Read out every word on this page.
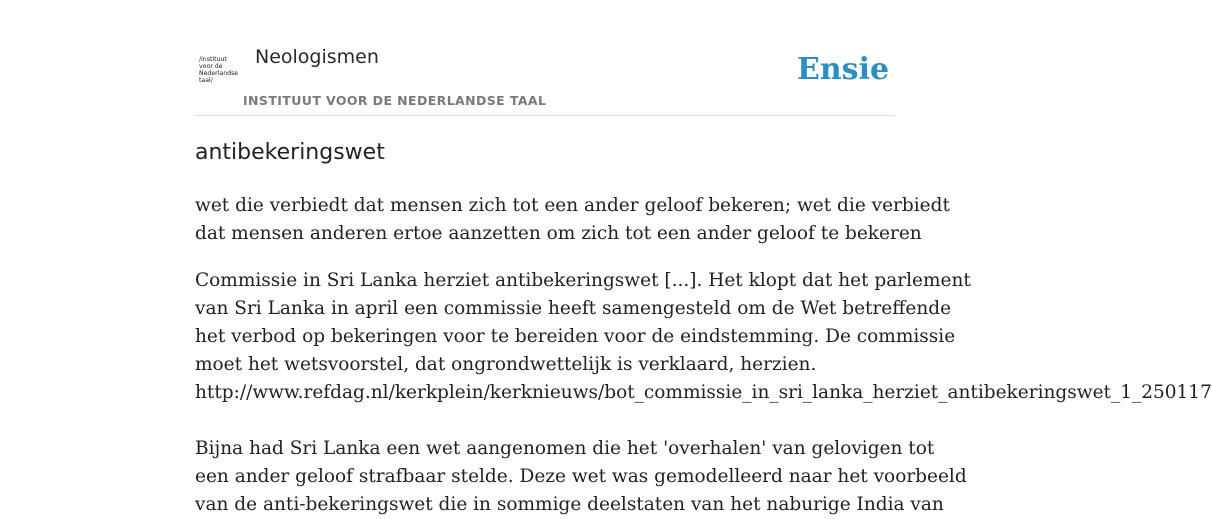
/instituut
voor de
Nederlandse
taal/
Neologismen
INSTITUUT VOOR DE NEDERLANDSE TAAL
Ensie
antibekeringswet
wet die verbiedt dat mensen zich tot een ander geloof bekeren; wet die verbiedt
dat mensen anderen ertoe aanzetten om zich tot een ander geloof te bekeren
Commissie in Sri Lanka herziet antibekeringswet [...]. Het klopt dat het parlement
van Sri Lanka in april een commissie heeft samengesteld om de Wet betreffende
het verbod op bekeringen voor te bereiden voor de eindstemming. De commissie
moet het wetsvoorstel, dat ongrondwettelijk is verklaard, herzien.
http://www.refdag.nl/kerkplein/kerknieuws/bot_commissie_in_sri_lanka_herziet_antibekeringswet_1_250117
Bijna had Sri Lanka een wet aangenomen die het 'overhalen' van gelovigen tot
een ander geloof strafbaar stelde. Deze wet was gemodelleerd naar het voorbeeld
van de anti-bekeringswet die in sommige deelstaten van het naburige India van
